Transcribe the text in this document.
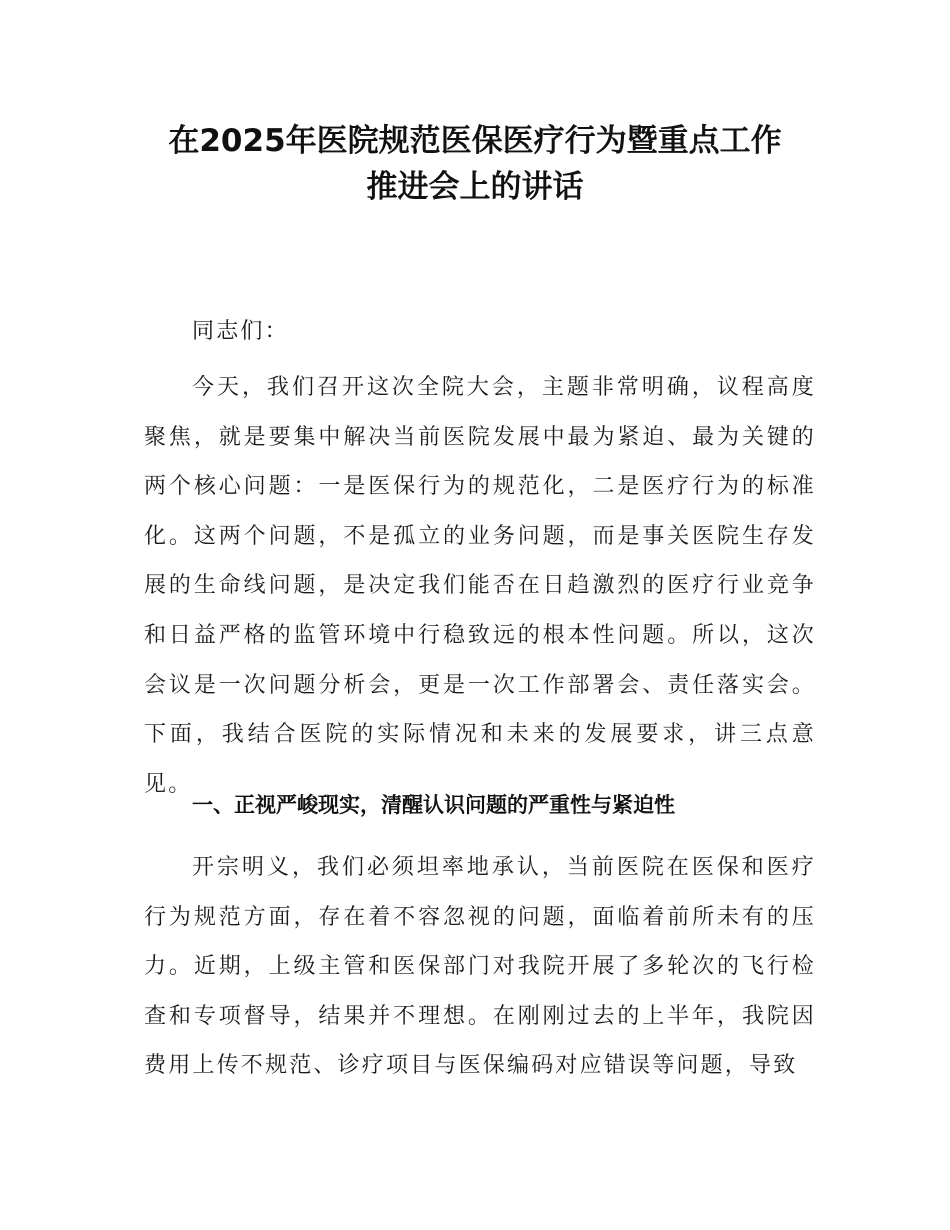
在2025年医院规范医保医疗行为暨重点工作
推进会上的讲话

同志们：

今天，我们召开这次全院大会，主题非常明确，议程高度聚焦，就是要集中解决当前医院发展中最为紧迫、最为关键的两个核心问题：一是医保行为的规范化，二是医疗行为的标准化。这两个问题，不是孤立的业务问题，而是事关医院生存发展的生命线问题，是决定我们能否在日趋激烈的医疗行业竞争和日益严格的监管环境中行稳致远的根本性问题。所以，这次会议是一次问题分析会，更是一次工作部署会、责任落实会。下面，我结合医院的实际情况和未来的发展要求，讲三点意见。

一、正视严峻现实，清醒认识问题的严重性与紧迫性

开宗明义，我们必须坦率地承认，当前医院在医保和医疗行为规范方面，存在着不容忽视的问题，面临着前所未有的压力。近期，上级主管和医保部门对我院开展了多轮次的飞行检查和专项督导，结果并不理想。在刚刚过去的上半年，我院因费用上传不规范、诊疗项目与医保编码对应错误等问题，导致
